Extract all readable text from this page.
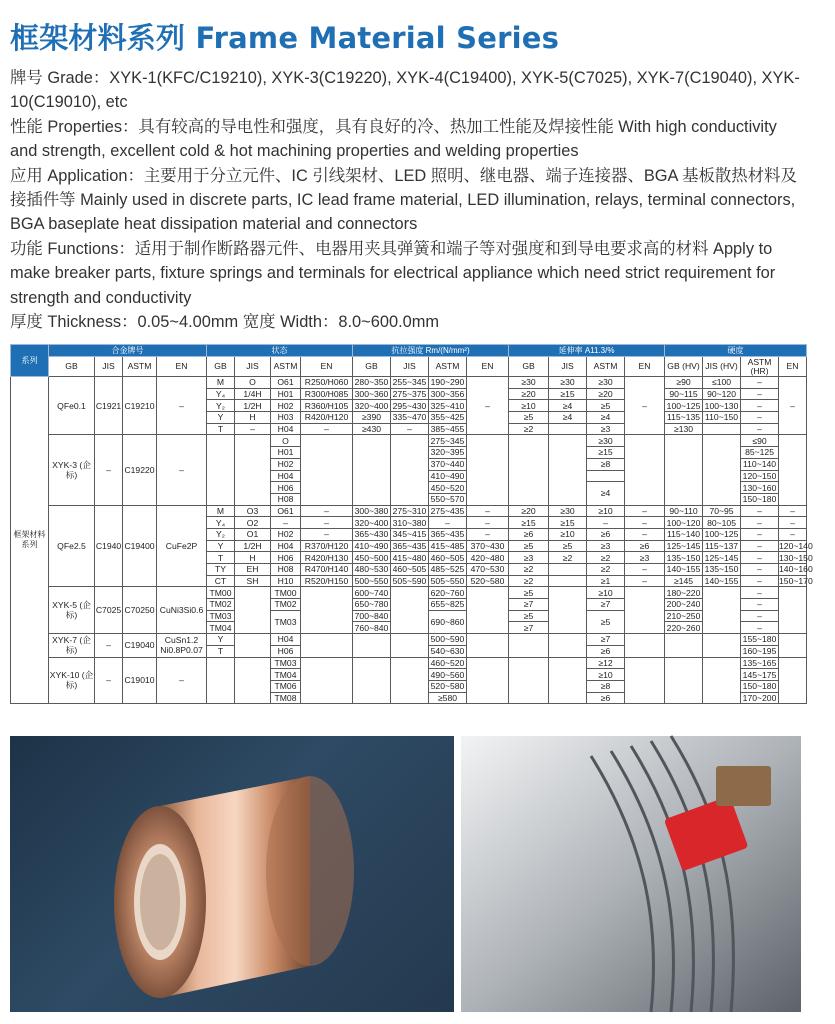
框架材料系列 Frame Material Series

牌号 Grade：XYK-1(KFC/C19210), XYK-3(C19220), XYK-4(C19400), XYK-5(C7025), XYK-7(C19040), XYK-10(C19010), etc

性能 Properties：具有较高的导电性和强度，具有良好的冷、热加工性能及焊接性能 With high conductivity and strength, excellent cold & hot machining properties and welding properties

应用 Application：主要用于分立元件、IC 引线架材、LED 照明、继电器、端子连接器、BGA 基板散热材料及接插件等 Mainly used in discrete parts, IC lead frame material, LED illumination, relays, terminal connectors, BGA baseplate heat dissipation material and connectors

功能 Functions：适用于制作断路器元件、电器用夹具弹簧和端子等对强度和到导电要求高的材料 Apply to make breaker parts, fixture springs and terminals for electrical appliance which need strict requirement for strength and conductivity

厚度 Thickness：0.05~4.00mm 宽度 Width：8.0~600.0mm

系列	合金牌号				状态				抗拉强度 Rm/(N/mm²)				延伸率 A11.3/%				硬度			
	GB	JIS	ASTM	EN	GB	JIS	ASTM	EN	GB	JIS	ASTM	EN	GB	JIS	ASTM	EN	GB (HV)	JIS (HV)	ASTM (HR)	EN
框架材料系列	QFe0.1	C1921	C19210	–	M	O	O61	R250/H060	280~350	255~345	190~290	–	≥30	≥30	≥30	–	≥90	≤100	–	–
					Y₄	1/4H	H01	R300/H085	300~360	275~375	300~356		≥20	≥15	≥20		90~115	90~120	–	
					Y₂	1/2H	H02	R360/H105	320~400	295~430	325~410		≥10	≥4	≥5		100~125	100~130	–	
					Y	H	H03	R420/H120	≥390	335~470	355~425		≥5	≥4	≥4		115~135	110~150	–	
					T	–	H04	–	≥430	–	385~455		≥2		≥3		≥130		–	
	XYK-3 (企标)	–	C19220	–			O				275~345				≥30				≤90	
							H01				320~395				≥15				85~125	
							H02				370~440				≥8				110~140	
							H04				410~490								120~150	
							H06				450~520				≥4				130~160	
							H08				550~570								150~180	
	QFe2.5	C1940	C19400	CuFe2P	M	O3	O61	–	300~380	275~310	275~435	–	≥20	≥30	≥10	–	90~110	70~95	–	–
					Y₄	O2	–	–	320~400	310~380	–	–	≥15	≥15	–	–	100~120	80~105	–	–
					Y₂	O1	H02	–	365~430	345~415	365~435	–	≥6	≥10	≥6	–	115~140	100~125	–	–
					Y	1/2H	H04	R370/H120	410~490	365~435	415~485	370~430	≥5	≥5	≥3	≥6	125~145	115~137	–	120~140
					T	H	H06	R420/H130	450~500	415~480	460~505	420~480	≥3	≥2	≥2	≥3	135~150	125~145	–	130~150
					TY	EH	H08	R470/H140	480~530	460~505	485~525	470~530	≥2		≥2	–	140~155	135~150	–	140~160
					CT	SH	H10	R520/H150	500~550	505~590	505~550	520~580	≥2		≥1	–	≥145	140~155	–	150~170
	XYK-5 (企标)	C7025	C70250	CuNi3Si0.6	TM00		TM00		600~740		620~760		≥5		≥10		180~220		–	
					TM02		TM02		650~780		655~825		≥7		≥7		200~240		–	
					TM03		TM03		700~840		690~860		≥5		≥5		210~250		–	
					TM04				760~840				≥7				220~260		–	
	XYK-7 (企标)	–	C19040	CuSn1.2 Ni0.8P0.07	Y		H04				500~590				≥7				155~180	
					T		H06				540~630				≥6				160~195	
	XYK-10 (企标)	–	C19010	–			TM03				460~520				≥12				135~165	
							TM04				490~560				≥10				145~175	
							TM06				520~580				≥8				150~180	
							TM08				≥580				≥6				170~200	
